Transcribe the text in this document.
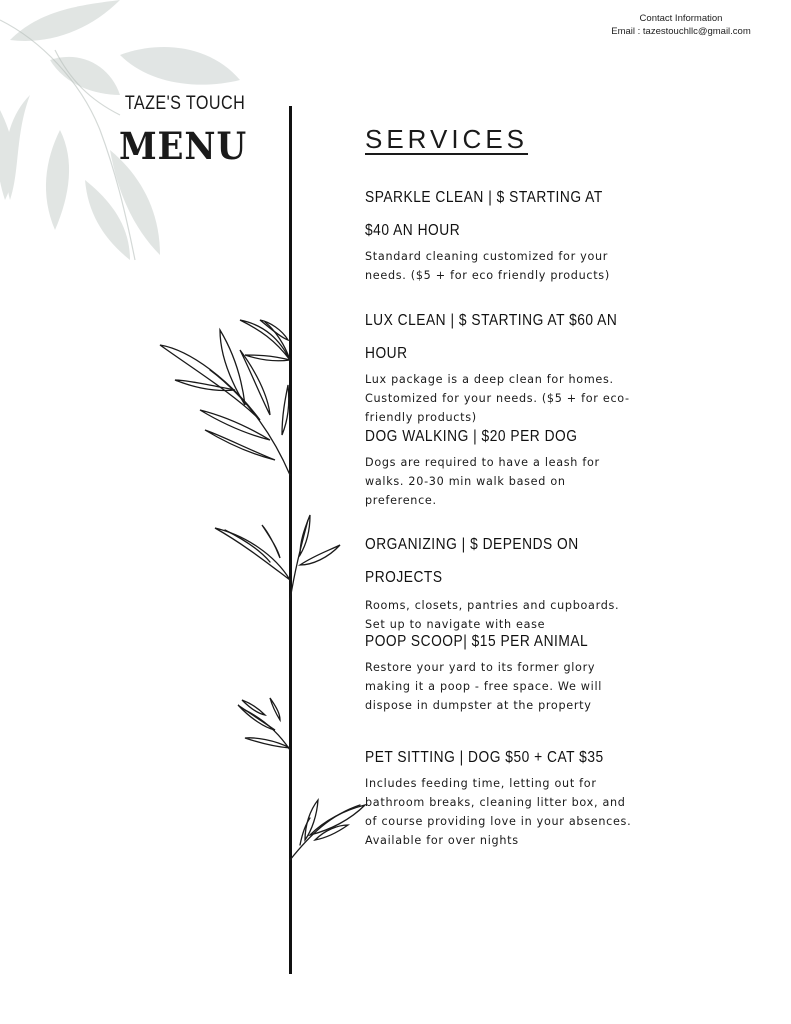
Contact Information
Email : tazestouchllc@gmail.com
TAZE'S TOUCH
MENU	SERVICES
SPARKLE CLEAN | $ STARTING AT $40 AN HOUR
Standard cleaning customized for your needs. ($5 + for eco friendly products)
LUX CLEAN | $ STARTING AT $60 AN HOUR
Lux package is a deep clean for homes. Customized for your needs. ($5 + for eco-friendly products)
DOG WALKING | $20 PER DOG
Dogs are required to have a leash for walks. 20-30 min walk based on preference.
ORGANIZING | $ DEPENDS ON PROJECTS
Rooms, closets, pantries and cupboards. Set up to navigate with ease
POOP SCOOP| $15 PER ANIMAL
Restore your yard to its former glory making it a poop - free space. We will dispose in dumpster at the property
PET SITTING | DOG $50 + CAT $35
Includes feeding time, letting out for bathroom breaks, cleaning litter box, and of course providing love in your absences. Available for over nights
